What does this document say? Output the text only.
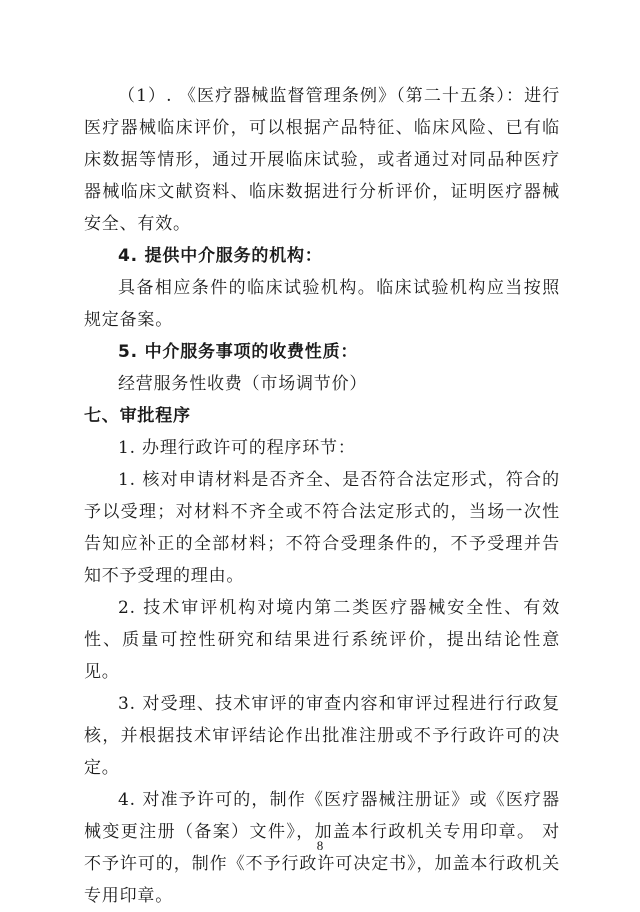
（1）. 《医疗器械监督管理条例》（第二十五条）：进行医疗器械临床评价，可以根据产品特征、临床风险、已有临床数据等情形，通过开展临床试验，或者通过对同品种医疗器械临床文献资料、临床数据进行分析评价，证明医疗器械安全、有效。

4. 提供中介服务的机构：

具备相应条件的临床试验机构。临床试验机构应当按照规定备案。

5. 中介服务事项的收费性质：

经营服务性收费（市场调节价）

七、审批程序

1. 办理行政许可的程序环节：

1. 核对申请材料是否齐全、是否符合法定形式，符合的予以受理；对材料不齐全或不符合法定形式的，当场一次性告知应补正的全部材料；不符合受理条件的，不予受理并告知不予受理的理由。

2. 技术审评机构对境内第二类医疗器械安全性、有效性、质量可控性研究和结果进行系统评价，提出结论性意见。

3. 对受理、技术审评的审查内容和审评过程进行行政复核，并根据技术审评结论作出批准注册或不予行政许可的决定。

4. 对准予许可的，制作《医疗器械注册证》或《医疗器械变更注册（备案）文件》，加盖本行政机关专用印章。 对不予许可的，制作《不予行政许可决定书》，加盖本行政机关专用印章。

8
